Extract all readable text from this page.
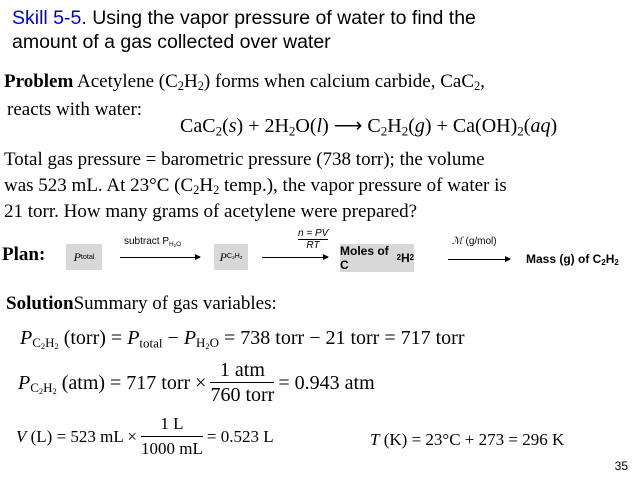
Skill 5-5. Using the vapor pressure of water to find the
amount of a gas collected over water
Problem Acetylene $(C_2H_2)$ forms when calcium carbide, CaC$_2$,
reacts with water:
$CaC_2(s) + 2H_2O(l)$ ⟶ $C_2H_2(g) + Ca(OH)_2(aq)$
Total gas pressure = barometric pressure (738 torr); the volume
was 523 mL. At 23°C ($C_2H_2$ temp.), the vapor pressure of water is
21 torr. How many grams of acetylene were prepared?
Plan: P total
subtract $P_{H_2O}$
P $C_2H_2$
n = PV
RT	Moles of C
2 H 2
ℳ (g/mol)
Mass (g) of $C_2H_2$
SolutionSummary of gas variables:
$P_{C_2H_2}$ (torr) = $P_{total} - P_{H_2O} = 738$ torr − 21 torr = 717 torr
$P_{C_2H_2}$ (atm) = 717 torr × $\frac{\text{1 atm}}{\text{760 torr}} = 0.943$ atm
V (L) = 523 mL × $\frac{1 L}{1000 mL} = 0.523$ L	T (K) = 23°C + 273 = 296 K
35
